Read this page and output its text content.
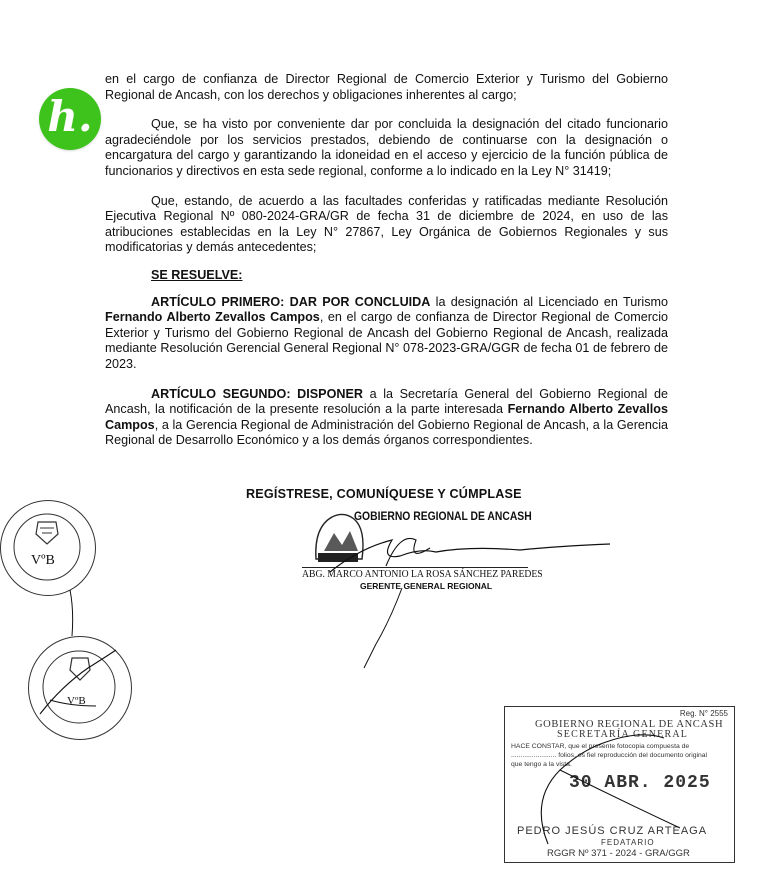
h.

en el cargo de confianza de Director Regional de Comercio Exterior y Turismo del Gobierno Regional de Ancash, con los derechos y obligaciones inherentes al cargo;

Que, se ha visto por conveniente dar por concluida la designación del citado funcionario agradeciéndole por los servicios prestados, debiendo de continuarse con la designación o encargatura del cargo y garantizando la idoneidad en el acceso y ejercicio de la función pública de funcionarios y directivos en esta sede regional, conforme a lo indicado en la Ley N° 31419;

Que, estando, de acuerdo a las facultades conferidas y ratificadas mediante Resolución Ejecutiva Regional Nº 080-2024-GRA/GR de fecha 31 de diciembre de 2024, en uso de las atribuciones establecidas en la Ley N° 27867, Ley Orgánica de Gobiernos Regionales y sus modificatorias y demás antecedentes;

SE RESUELVE:

ARTÍCULO PRIMERO: DAR POR CONCLUIDA la designación al Licenciado en Turismo Fernando Alberto Zevallos Campos, en el cargo de confianza de Director Regional de Comercio Exterior y Turismo del Gobierno Regional de Ancash del Gobierno Regional de Ancash, realizada mediante Resolución Gerencial General Regional N° 078-2023-GRA/GGR de fecha 01 de febrero de 2023.

ARTÍCULO SEGUNDO: DISPONER a la Secretaría General del Gobierno Regional de Ancash, la notificación de la presente resolución a la parte interesada Fernando Alberto Zevallos Campos, a la Gerencia Regional de Administración del Gobierno Regional de Ancash, a la Gerencia Regional de Desarrollo Económico y a los demás órganos correspondientes.

REGÍSTRESE, COMUNÍQUESE Y CÚMPLASE
GOBIERNO REGIONAL DE ANCASH
ABG. MARCO ANTONIO LA ROSA SÁNCHEZ PAREDES
GERENTE GENERAL REGIONAL
VºB
VºB
Reg. N° 2555
GOBIERNO REGIONAL DE ANCASH
SECRETARÍA GENERAL
HACE CONSTAR, que el presente fotocopia compuesta de
........................ folios, es fiel reproducción del documento original
que tengo a la vista.
30 ABR. 2025
PEDRO JESÚS CRUZ ARTEAGA
FEDATARIO
RGGR Nº 371 - 2024 - GRA/GGR
